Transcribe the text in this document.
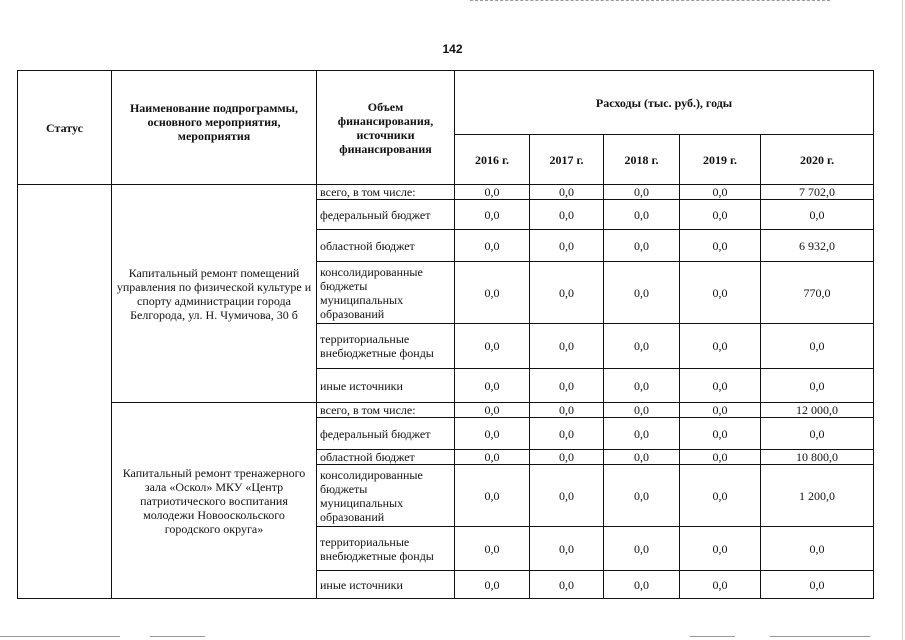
142
Статус	Наименование подпрограммы, основного мероприятия, мероприятия	Объем финансирования, источники финансирования	Расходы (тыс. руб.), годы				
			2016 г.	2017 г.	2018 г.	2019 г.	2020 г.
	Капитальный ремонт помещений управления по физической культуре и спорту администрации города Белгорода, ул. Н. Чумичова, 30 б	всего, в том числе:	0,0	0,0	0,0	0,0	7 702,0
		федеральный бюджет	0,0	0,0	0,0	0,0	0,0
		областной бюджет	0,0	0,0	0,0	0,0	6 932,0
		консолидированные бюджеты муниципальных образований	0,0	0,0	0,0	0,0	770,0
		территориальные внебюджетные фонды	0,0	0,0	0,0	0,0	0,0
		иные источники	0,0	0,0	0,0	0,0	0,0
	Капитальный ремонт тренажерного зала «Оскол» МКУ «Центр патриотического воспитания молодежи Новооскольского городского округа»	всего, в том числе:	0,0	0,0	0,0	0,0	12 000,0
		федеральный бюджет	0,0	0,0	0,0	0,0	0,0
		областной бюджет	0,0	0,0	0,0	0,0	10 800,0
		консолидированные бюджеты муниципальных образований	0,0	0,0	0,0	0,0	1 200,0
		территориальные внебюджетные фонды	0,0	0,0	0,0	0,0	0,0
		иные источники	0,0	0,0	0,0	0,0	0,0
